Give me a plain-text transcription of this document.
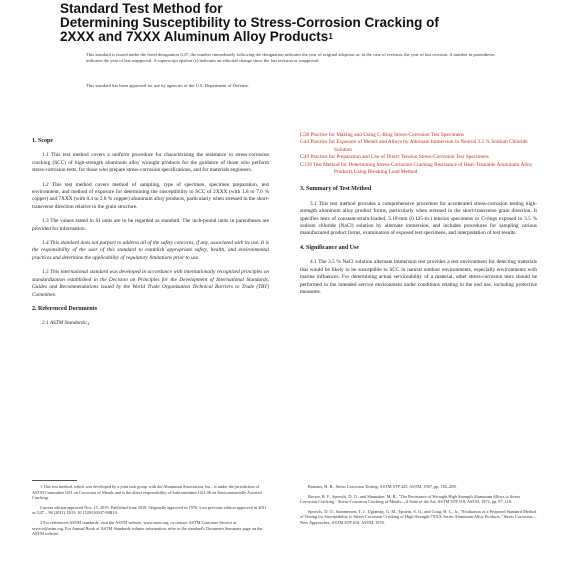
Standard Test Method for
Determining Susceptibility to Stress-Corrosion Cracking of
2XXX and 7XXX Aluminum Alloy Products$^1$
This standard is issued under the fixed designation G47; the number immediately following the designation indicates the year of original adoption or, in the case of revision, the year of last revision. A number in parentheses indicates the year of last reapproval. A superscript epsilon (ε) indicates an editorial change since the last revision or reapproval.
This standard has been approved for use by agencies of the U.S. Department of Defense.
1. Scope
1.1 This test method covers a uniform procedure for characterizing the resistance to stress-corrosion cracking (SCC) of high-strength aluminum alloy wrought products for the guidance of those who perform stress-corrosion tests, for those who prepare stress-corrosion specifications, and for materials engineers.
1.2 This test method covers method of sampling, type of specimen, specimen preparation, test environment, and method of exposure for determining the susceptibility to SCC of 2XXX (with 1.8 to 7.0 % copper) and 7XXX (with 0.4 to 2.8 % copper) aluminum alloy products, particularly when stressed in the short-transverse direction relative to the grain structure.
1.3 The values stated in SI units are to be regarded as standard. The inch-pound units in parentheses are provided for information.
1.4 This standard does not purport to address all of the safety concerns, if any, associated with its use. It is the responsibility of the user of this standard to establish appropriate safety, health, and environmental practices and determine the applicability of regulatory limitations prior to use.
1.5 This international standard was developed in accordance with internationally recognized principles on standardization established in the Decision on Principles for the Development of International Standards, Guides and Recommendations issued by the World Trade Organization Technical Barriers to Trade (TBT) Committee.
2. Referenced Documents
2.1 ASTM Standards:$^2$
G38 Practice for Making and Using C-Ring Stress-Corrosion Test Specimens
G44 Practice for Exposure of Metals and Alloys by Alternate Immersion in Neutral 3.5 % Sodium Chloride Solution
G49 Practice for Preparation and Use of Direct Tension Stress-Corrosion Test Specimens
G139 Test Method for Determining Stress-Corrosion Cracking Resistance of Heat-Treatable Aluminum Alloy Products Using Breaking Load Method
3. Summary of Test Method
3.1 This test method provides a comprehensive procedure for accelerated stress-corrosion testing high-strength aluminum alloy product forms, particularly when stressed in the short-transverse grain direction. It specifies tests of constant-strain-loaded, 3.18-mm (0.125-in.) tension specimens or C-rings exposed to 3.5 % sodium chloride (NaCl) solution by alternate immersion, and includes procedures for sampling various manufactured product forms, examination of exposed test specimens, and interpretation of test results.
4. Significance and Use
4.1 The 3.5 % NaCl solution alternate immersion test provides a test environment for detecting materials that would be likely to be susceptible to SCC in natural outdoor environments, especially environments with marine influences. For determining actual serviceability of a material, other stress-corrosion tests should be performed in the intended service environment under conditions relating to the end use, including protective measures.
1 This test method, which was developed by a joint task group with the Aluminum Association, Inc., is under the jurisdiction of ASTM Committee G01 on Corrosion of Metals and is the direct responsibility of Subcommittee G01.06 on Environmentally Assisted Cracking.
Current edition approved Nov. 15, 2019. Published June 2019. Originally approved in 1976. Last previous edition approved in 2011 as G47 – 98 (2011). DOI: 10.1520/G0047-98R19.
2 For referenced ASTM standards, visit the ASTM website, www.astm.org, or contact ASTM Customer Service at service@astm.org. For Annual Book of ASTM Standards volume information, refer to the standard's Document Summary page on the ASTM website.
Romans, H. B., Stress Corrosion Testing, ASTM STP 425, ASTM, 1967, pp. 182–208.
Brown, B. F., Sprowls, D. O., and Shumaker, M. B., "The Resistance of Wrought High Strength Aluminum Alloys to Stress Corrosion Cracking," Stress-Corrosion Cracking of Metals—A State of the Art, ASTM STP 518, ASTM, 1972, pp. 87–118.
Sprowls, D. O., Summerson, T. J., Ugiansky, G. M., Epstein, S. G., and Craig, H. L., Jr., "Evaluation of a Proposed Standard Method of Testing for Susceptibility to Stress-Corrosion Cracking of High-Strength 7XXX Series Aluminum Alloy Products," Stress Corrosion—New Approaches, ASTM STP 610, ASTM, 1976.
